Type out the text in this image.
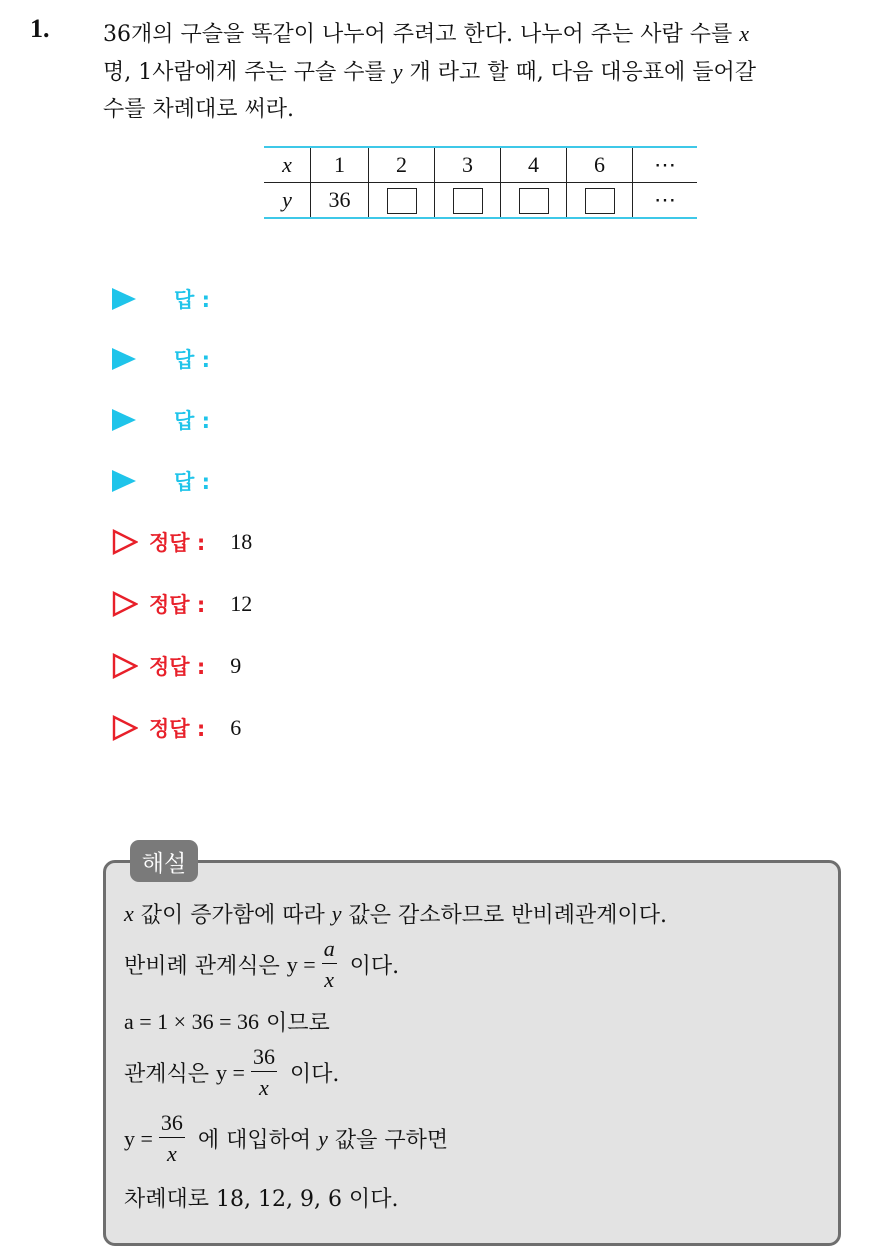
1. 36개의 구슬을 똑같이 나누어 주려고 한다. 나누어 주는 사람 수를 x
명, 1사람에게 주는 구슬 수를 y 개 라고 할 때, 다음 대응표에 들어갈
수를 차례대로 써라.
x	1	2	3	4	6	⋯
y	36					⋯
답 :
답 :
답 :
답 :
정답 : 18
정답 : 12
정답 : 9
정답 : 6
해설
x 값이 증가함에 따라 y 값은 감소하므로 반비례관계이다.
반비례 관계식은 $y = \frac{a}{x}$ 이다.
a = 1 × 36 = 36 이므로
관계식은 $y = \frac{36}{x}$ 이다.
$y = \frac{36}{x}$ 에 대입하여 y 값을 구하면
차례대로 18, 12, 9, 6 이다.
